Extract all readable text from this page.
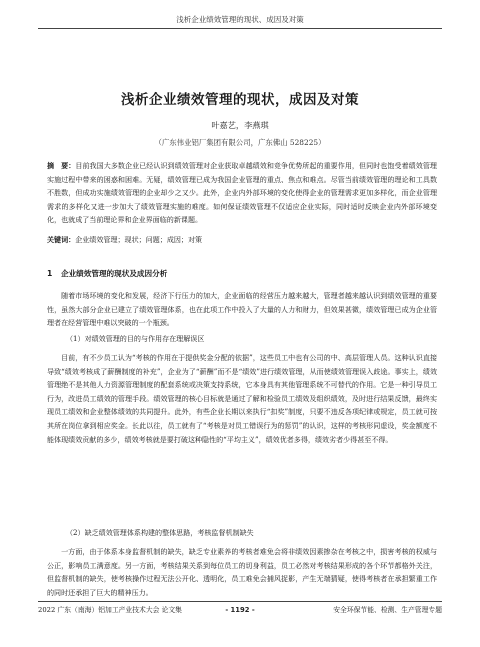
浅析企业绩效管理的现状、成因及对策
浅析企业绩效管理的现状，成因及对策
叶嘉艺，李燕琪
（广东伟业铝厂集团有限公司，广东佛山 528225）
摘　要：目前我国大多数企业已经认识到绩效管理对企业获取卓越绩效和竞争优势所起的重要作用，但同时也饱受着绩效管理实施过程中带来的困惑和困难。无疑，绩效管理已成为我国企业管理的重点、焦点和难点。尽管当前绩效管理的理论和工具数不胜数，但成功实施绩效管理的企业却少之又少。此外，企业内外部环境的变化使得企业的管理需求更加多样化，而企业管理需求的多样化又进一步加大了绩效管理实施的难度。如何保证绩效管理不仅适应企业实际，同时适时反映企业内外部环境变化，也就成了当前理论界和企业界面临的新课题。
关键词：企业绩效管理；现状；问题；成因；对策
1 企业绩效管理的现状及成因分析

随着市场环境的变化和发展，经济下行压力的加大，企业面临的经营压力越来越大，管理者越来越认识到绩效管理的重要性，虽然大部分企业已建立了绩效管理体系，也在此项工作中投入了大量的人力和财力，但效果甚微，绩效管理已成为企业管理者在经营管理中难以突破的一个瓶颈。

（1）对绩效管理的目的与作用存在理解误区

目前，有不少员工认为“考核的作用在于提供奖金分配的依据”，这些员工中也有公司的中、高层管理人员。这种认识直接导致“绩效考核成了薪酬制度的补充”，企业为了“薪酬”而不是“绩效”进行绩效管理，从而使绩效管理误入歧途。事实上，绩效管理绝不是其他人力资源管理制度的配套系统或决策支持系统，它本身具有其他管理系统不可替代的作用。它是一种引导员工行为，改进员工绩效的管理手段。绩效管理的核心目标就是通过了解和检验员工绩效及组织绩效，及时进行结果反馈，最终实现员工绩效和企业整体绩效的共同提升。此外，有些企业长期以来执行“扣奖”制度，只要不违反各项纪律或规定，员工就可按其所在岗位拿到相应奖金。长此以往，员工就有了“考核是对员工错误行为的惩罚”的认识，这样的考核形同虚设，奖金额度不能体现绩效贡献的多少，绩效考核就是要打破这种隐性的“平均主义”，绩效优者多得，绩效劣者少得甚至不得。

（2）缺乏绩效管理体系构建的整体思路，考核监督机制缺失

一方面，由于体系本身监督机制的缺失，缺乏专业素养的考核者难免会将非绩效因素掺杂在考核之中，损害考核的权威与公正，影响员工满意度。另一方面，考核结果关系到每位员工的切身利益，员工必然对考核结果形成的各个环节都格外关注，但监督机制的缺失，使考核操作过程无法公开化、透明化，员工难免会捕风捉影，产生无端猜疑，使得考核者在承担繁重工作的同时还承担了巨大的精神压力。

2022 广东（南海）铝加工产业技术大会 论文集	- 1192 -	安全环保节能、检测、生产管理专题
